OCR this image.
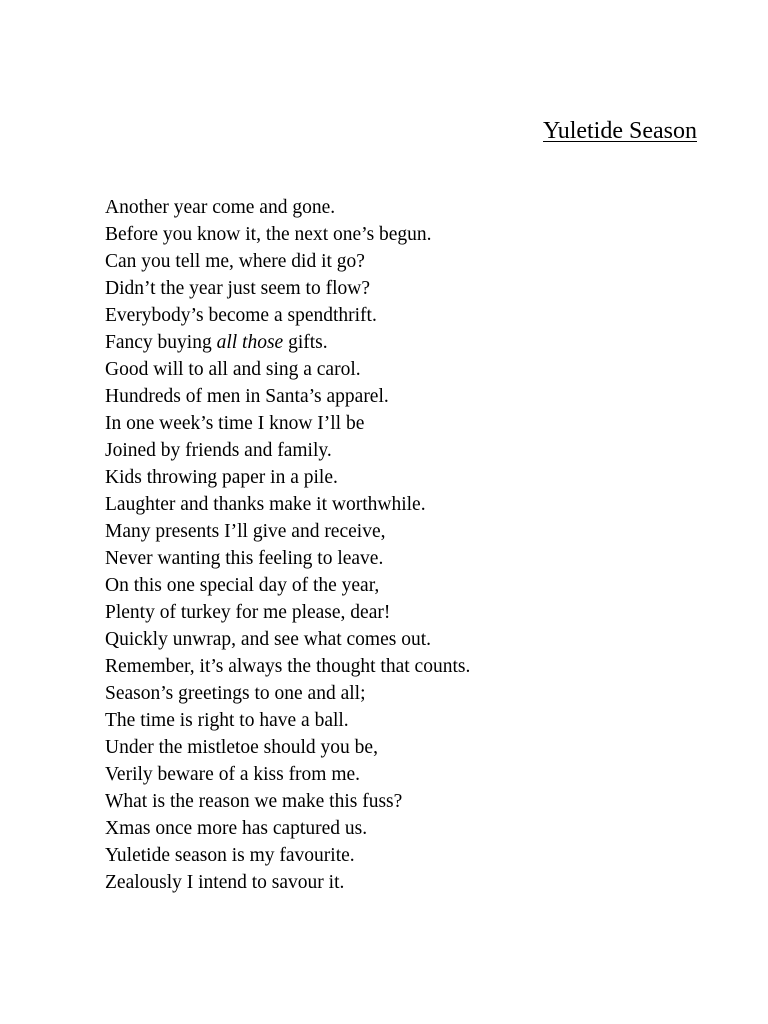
Yuletide Season
Another year come and gone.
Before you know it, the next one’s begun.
Can you tell me, where did it go?
Didn’t the year just seem to flow?
Everybody’s become a spendthrift.
Fancy buying all those gifts.
Good will to all and sing a carol.
Hundreds of men in Santa’s apparel.
In one week’s time I know I’ll be
Joined by friends and family.
Kids throwing paper in a pile.
Laughter and thanks make it worthwhile.
Many presents I’ll give and receive,
Never wanting this feeling to leave.
On this one special day of the year,
Plenty of turkey for me please, dear!
Quickly unwrap, and see what comes out.
Remember, it’s always the thought that counts.
Season’s greetings to one and all;
The time is right to have a ball.
Under the mistletoe should you be,
Verily beware of a kiss from me.
What is the reason we make this fuss?
Xmas once more has captured us.
Yuletide season is my favourite.
Zealously I intend to savour it.
